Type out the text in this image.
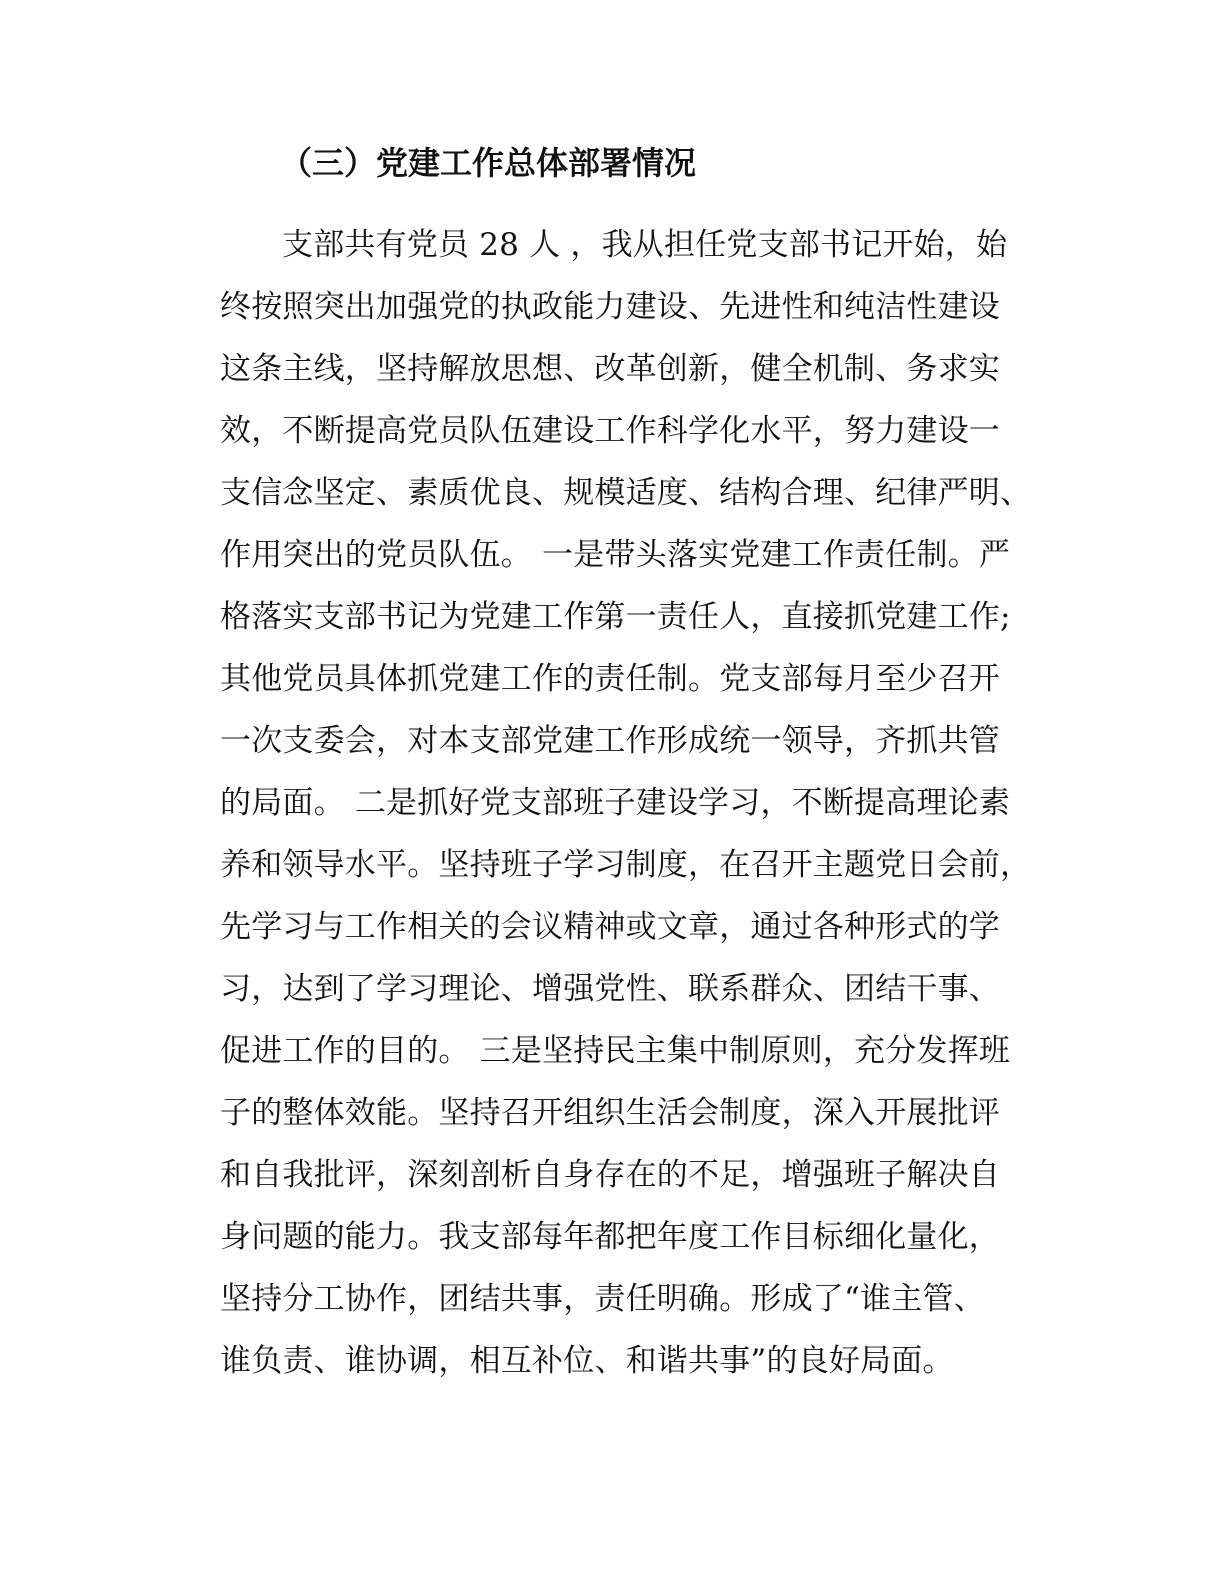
（三）党建工作总体部署情况
支部共有党员 28 人 ，我从担任党支部书记开始，始
终按照突出加强党的执政能力建设、先进性和纯洁性建设
这条主线，坚持解放思想、改革创新，健全机制、务求实
效，不断提高党员队伍建设工作科学化水平，努力建设一
支信念坚定、素质优良、规模适度、结构合理、纪律严明、
作用突出的党员队伍。 一是带头落实党建工作责任制。严
格落实支部书记为党建工作第一责任人，直接抓党建工作;
其他党员具体抓党建工作的责任制。党支部每月至少召开
一次支委会，对本支部党建工作形成统一领导，齐抓共管
的局面。 二是抓好党支部班子建设学习，不断提高理论素
养和领导水平。坚持班子学习制度，在召开主题党日会前，
先学习与工作相关的会议精神或文章，通过各种形式的学
习，达到了学习理论、增强党性、联系群众、团结干事、
促进工作的目的。 三是坚持民主集中制原则，充分发挥班
子的整体效能。坚持召开组织生活会制度，深入开展批评
和自我批评，深刻剖析自身存在的不足，增强班子解决自
身问题的能力。我支部每年都把年度工作目标细化量化，
坚持分工协作，团结共事，责任明确。形成了“谁主管、
谁负责、谁协调，相互补位、和谐共事”的良好局面。
